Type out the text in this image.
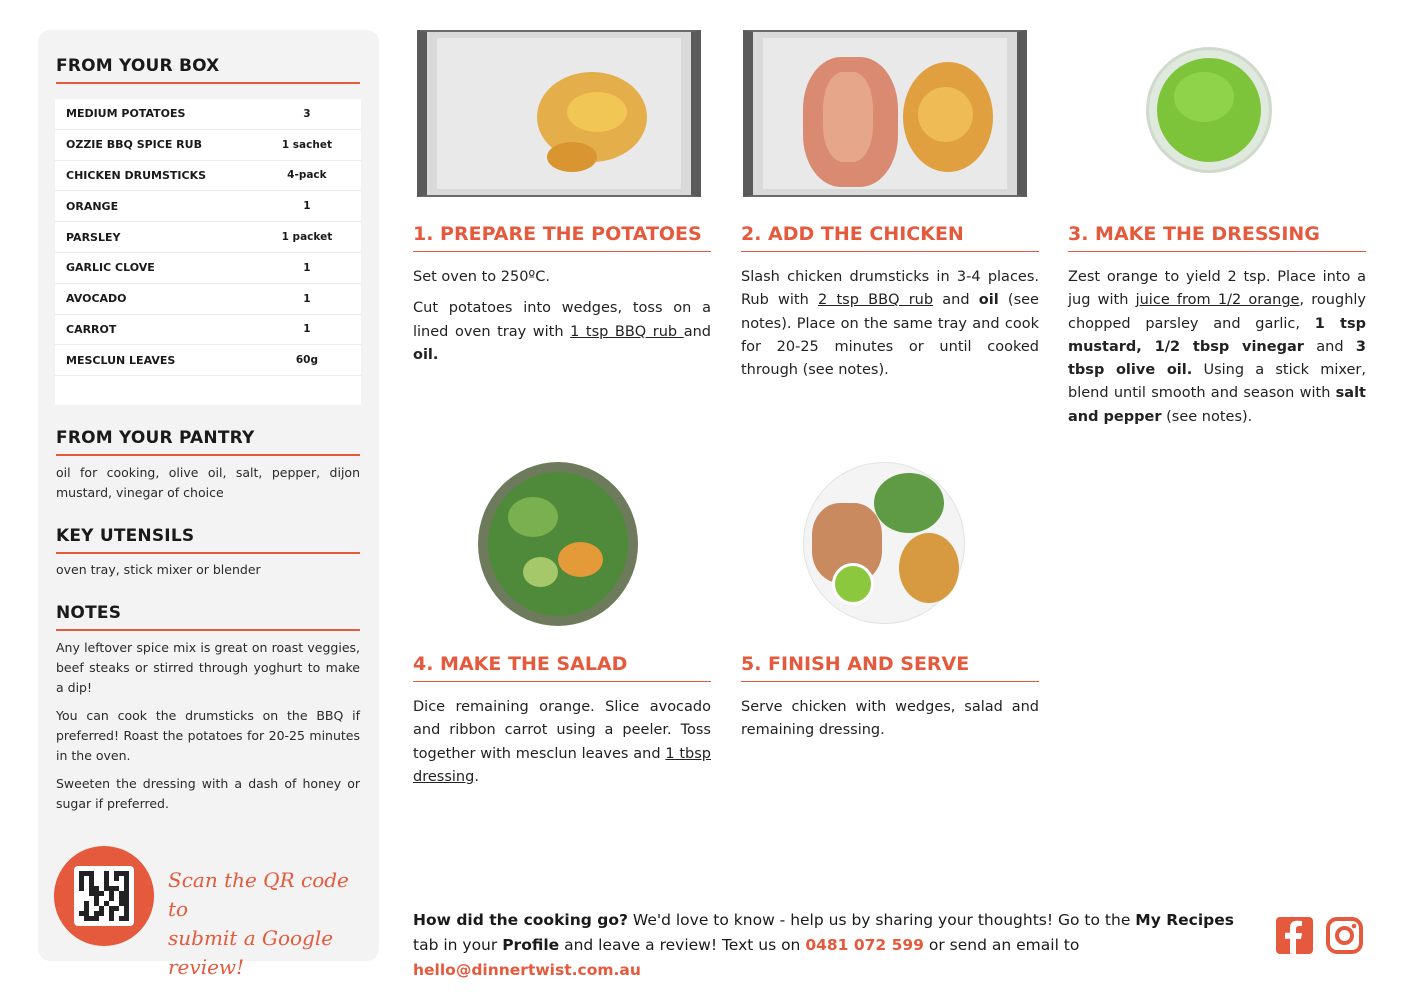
FROM YOUR BOX
MEDIUM POTATOES	3
OZZIE BBQ SPICE RUB	1 sachet
CHICKEN DRUMSTICKS	4-pack
ORANGE	1
PARSLEY	1 packet
GARLIC CLOVE	1
AVOCADO	1
CARROT	1
MESCLUN LEAVES	60g
FROM YOUR PANTRY
oil for cooking, olive oil, salt, pepper, dijon mustard, vinegar of choice
KEY UTENSILS
oven tray, stick mixer or blender
NOTES

Any leftover spice mix is great on roast veggies, beef steaks or stirred through yoghurt to make a dip!

You can cook the drumsticks on the BBQ if preferred! Roast the potatoes for 20-25 minutes in the oven.

Sweeten the dressing with a dash of honey or sugar if preferred.

Scan the QR code to
submit a Google review!
1. PREPARE THE POTATOES

Set oven to 250ºC.

Cut potatoes into wedges, toss on a lined oven tray with 1 tsp BBQ rub and oil.

2. ADD THE CHICKEN

Slash chicken drumsticks in 3-4 places. Rub with 2 tsp BBQ rub and oil (see notes). Place on the same tray and cook for 20-25 minutes or until cooked through (see notes).

3. MAKE THE DRESSING

Zest orange to yield 2 tsp. Place into a jug with juice from 1/2 orange, roughly chopped parsley and garlic, 1 tsp mustard, 1/2 tbsp vinegar and 3 tbsp olive oil. Using a stick mixer, blend until smooth and season with salt and pepper (see notes).

4. MAKE THE SALAD

Dice remaining orange. Slice avocado and ribbon carrot using a peeler. Toss together with mesclun leaves and 1 tbsp dressing.

5. FINISH AND SERVE

Serve chicken with wedges, salad and remaining dressing.

How did the cooking go? We'd love to know - help us by sharing your thoughts! Go to the My Recipes tab in your Profile and leave a review! Text us on 0481 072 599 or send an email to hello@dinnertwist.com.au
